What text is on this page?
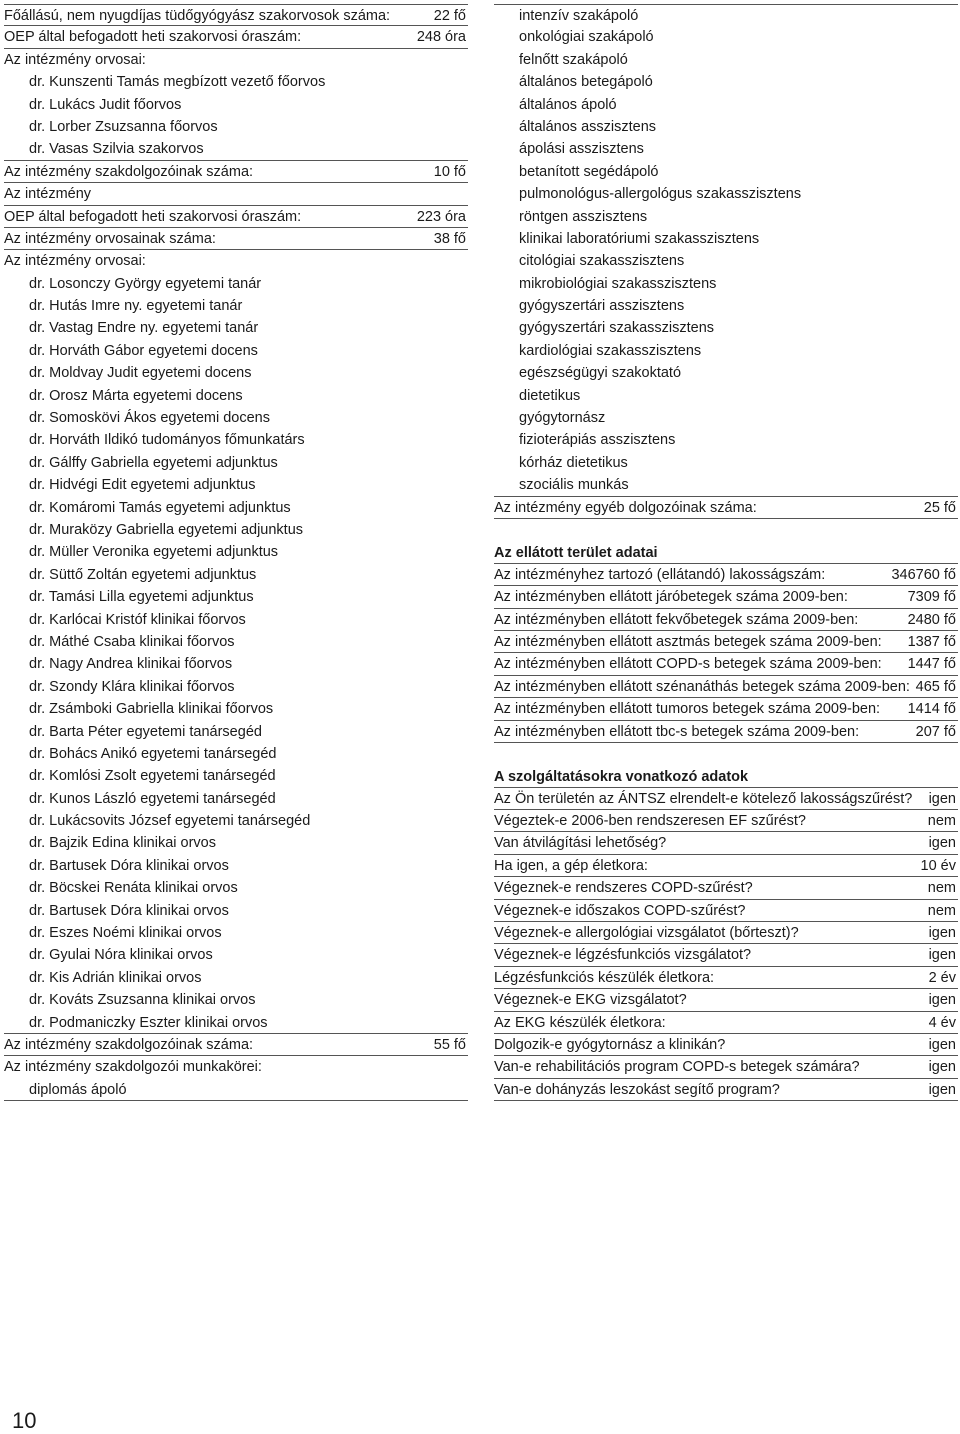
Főállású, nem nyugdíjas tüdőgyógyász szakorvosok száma:	22 fő
OEP által befogadott heti szakorvosi óraszám:	248 óra
Az intézmény orvosai:
dr. Kunszenti Tamás megbízott vezető főorvos
dr. Lukács Judit főorvos
dr. Lorber Zsuzsanna főorvos
dr. Vasas Szilvia szakorvos
Az intézmény szakdolgozóinak száma:	10 fő
Az intézmény
OEP által befogadott heti szakorvosi óraszám:	223 óra
Az intézmény orvosainak száma:	38 fő
Az intézmény orvosai:
dr. Losonczy György egyetemi tanár
dr. Hutás Imre ny. egyetemi tanár
dr. Vastag Endre ny. egyetemi tanár
dr. Horváth Gábor egyetemi docens
dr. Moldvay Judit egyetemi docens
dr. Orosz Márta egyetemi docens
dr. Somoskövi Ákos egyetemi docens
dr. Horváth Ildikó tudományos főmunkatárs
dr. Gálffy Gabriella egyetemi adjunktus
dr. Hidvégi Edit egyetemi adjunktus
dr. Komáromi Tamás egyetemi adjunktus
dr. Muraközy Gabriella egyetemi adjunktus
dr. Müller Veronika egyetemi adjunktus
dr. Süttő Zoltán egyetemi adjunktus
dr. Tamási Lilla egyetemi adjunktus
dr. Karlócai Kristóf klinikai főorvos
dr. Máthé Csaba klinikai főorvos
dr. Nagy Andrea klinikai főorvos
dr. Szondy Klára klinikai főorvos
dr. Zsámboki Gabriella klinikai főorvos
dr. Barta Péter egyetemi tanársegéd
dr. Bohács Anikó egyetemi tanársegéd
dr. Komlósi Zsolt egyetemi tanársegéd
dr. Kunos László egyetemi tanársegéd
dr. Lukácsovits József egyetemi tanársegéd
dr. Bajzik Edina klinikai orvos
dr. Bartusek Dóra klinikai orvos
dr. Böcskei Renáta klinikai orvos
dr. Bartusek Dóra klinikai orvos
dr. Eszes Noémi klinikai orvos
dr. Gyulai Nóra klinikai orvos
dr. Kis Adrián klinikai orvos
dr. Kováts Zsuzsanna klinikai orvos
dr. Podmaniczky Eszter klinikai orvos
Az intézmény szakdolgozóinak száma:	55 fő
Az intézmény szakdolgozói munkakörei:
diplomás ápoló
intenzív szakápoló
onkológiai szakápoló
felnőtt szakápoló
általános betegápoló
általános ápoló
általános asszisztens
ápolási asszisztens
betanított segédápoló
pulmonológus-allergológus szakasszisztens
röntgen asszisztens
klinikai laboratóriumi szakasszisztens
citológiai szakasszisztens
mikrobiológiai szakasszisztens
gyógyszertári asszisztens
gyógyszertári szakasszisztens
kardiológiai szakasszisztens
egészségügyi szakoktató
dietetikus
gyógytornász
fizioterápiás asszisztens
kórház dietetikus
szociális munkás
Az intézmény egyéb dolgozóinak száma:	25 fő
Az ellátott terület adatai
Az intézményhez tartozó (ellátandó) lakosságszám:	346760 fő
Az intézményben ellátott járóbetegek száma 2009-ben:	7309 fő
Az intézményben ellátott fekvőbetegek száma 2009-ben:	2480 fő
Az intézményben ellátott asztmás betegek száma 2009-ben: 1387 fő
Az intézményben ellátott COPD-s betegek száma 2009-ben: 1447 fő
Az intézményben ellátott szénanáthás betegek száma 2009-ben: 465 fő
Az intézményben ellátott tumoros betegek száma 2009-ben: 1414 fő
Az intézményben ellátott tbc-s betegek száma 2009-ben:	207 fő
A szolgáltatásokra vonatkozó adatok
Az Ön területén az ÁNTSZ elrendelt-e kötelező lakosságszűrést? igen
Végeztek-e 2006-ben rendszeresen EF szűrést?	nem
Van átvilágítási lehetőség?	igen
Ha igen, a gép életkora:	10 év
Végeznek-e rendszeres COPD-szűrést?	nem
Végeznek-e időszakos COPD-szűrést?	nem
Végeznek-e allergológiai vizsgálatot (bőrteszt)?	igen
Végeznek-e légzésfunkciós vizsgálatot?	igen
Légzésfunkciós készülék életkora:	2 év
Végeznek-e EKG vizsgálatot?	igen
Az EKG készülék életkora:	4 év
Dolgozik-e gyógytornász a klinikán?	igen
Van-e rehabilitációs program COPD-s betegek számára?	igen
Van-e dohányzás leszokást segítő program?	igen
10
